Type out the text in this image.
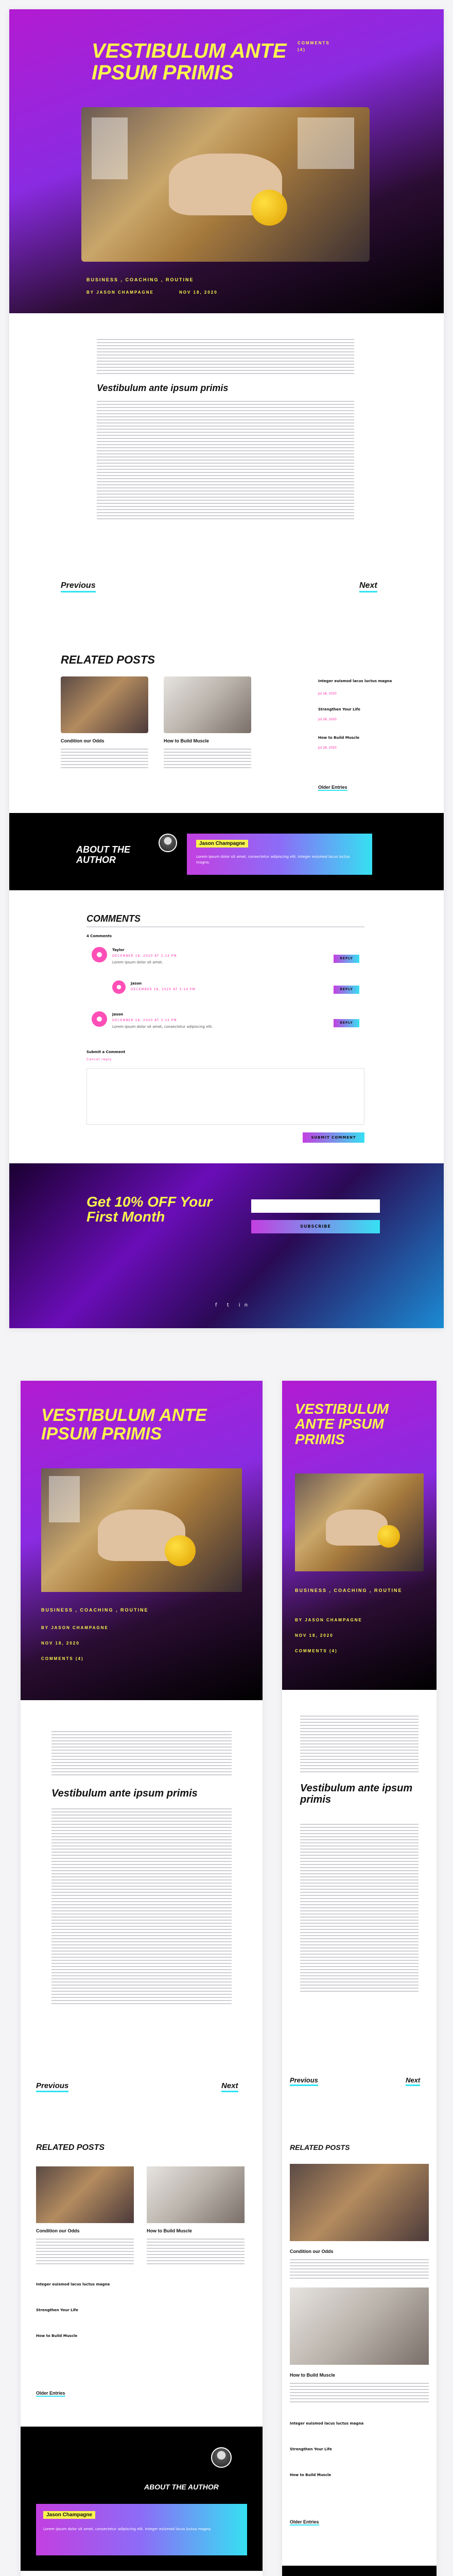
VESTIBULUM ANTE IPSUM PRIMIS
BUSINESS , COACHING , ROUTINE
BY JASON CHAMPAGNE	NOV 18, 2020
COMMENTS (4)
Vestibulum ante ipsum primis
Previous	Next
RELATED POSTS
Condition our Odds	How to Build Muscle
Integer euismod lacus luctus magna
Jul 28, 2020
Strengthen Your Life
Jul 28, 2020
How to Build Muscle
Jul 28, 2020
Older Entries
ABOUT THE AUTHOR
Jason Champagne
Lorem ipsum dolor sit amet, consectetur adipiscing elit. Integer euismod lacus luctus magna.
COMMENTS
4 Comments
Taylor
DECEMBER 18, 2020 AT 3:14 PM
Lorem ipsum dolor sit amet.
REPLY
Jason
DECEMBER 18, 2020 AT 3:14 PM	REPLY
Jason
DECEMBER 18, 2020 AT 3:14 PM
Lorem ipsum dolor sit amet, consectetur adipiscing elit.
REPLY
Submit a Comment
Cancel reply
SUBMIT COMMENT
Get 10% OFF Your First Month
SUBSCRIBE
f t in
VESTIBULUM ANTE IPSUM PRIMIS
BUSINESS , COACHING , ROUTINE
BY JASON CHAMPAGNE
NOV 18, 2020
COMMENTS (4)
Vestibulum ante ipsum primis
Previous	Next
RELATED POSTS
Condition our Odds	How to Build Muscle
Integer euismod lacus luctus magna
Strengthen Your Life
How to Build Muscle
Older Entries
ABOUT THE AUTHOR
Jason Champagne
Lorem ipsum dolor sit amet, consectetur adipiscing elit. Integer euismod lacus luctus magna.
VESTIBULUM ANTE IPSUM PRIMIS
BUSINESS , COACHING , ROUTINE
BY JASON CHAMPAGNE
NOV 18, 2020
COMMENTS (4)
Vestibulum ante ipsum primis
Previous	Next
RELATED POSTS
Condition our Odds
How to Build Muscle
Integer euismod lacus luctus magna
Strengthen Your Life
How to Build Muscle
Older Entries
